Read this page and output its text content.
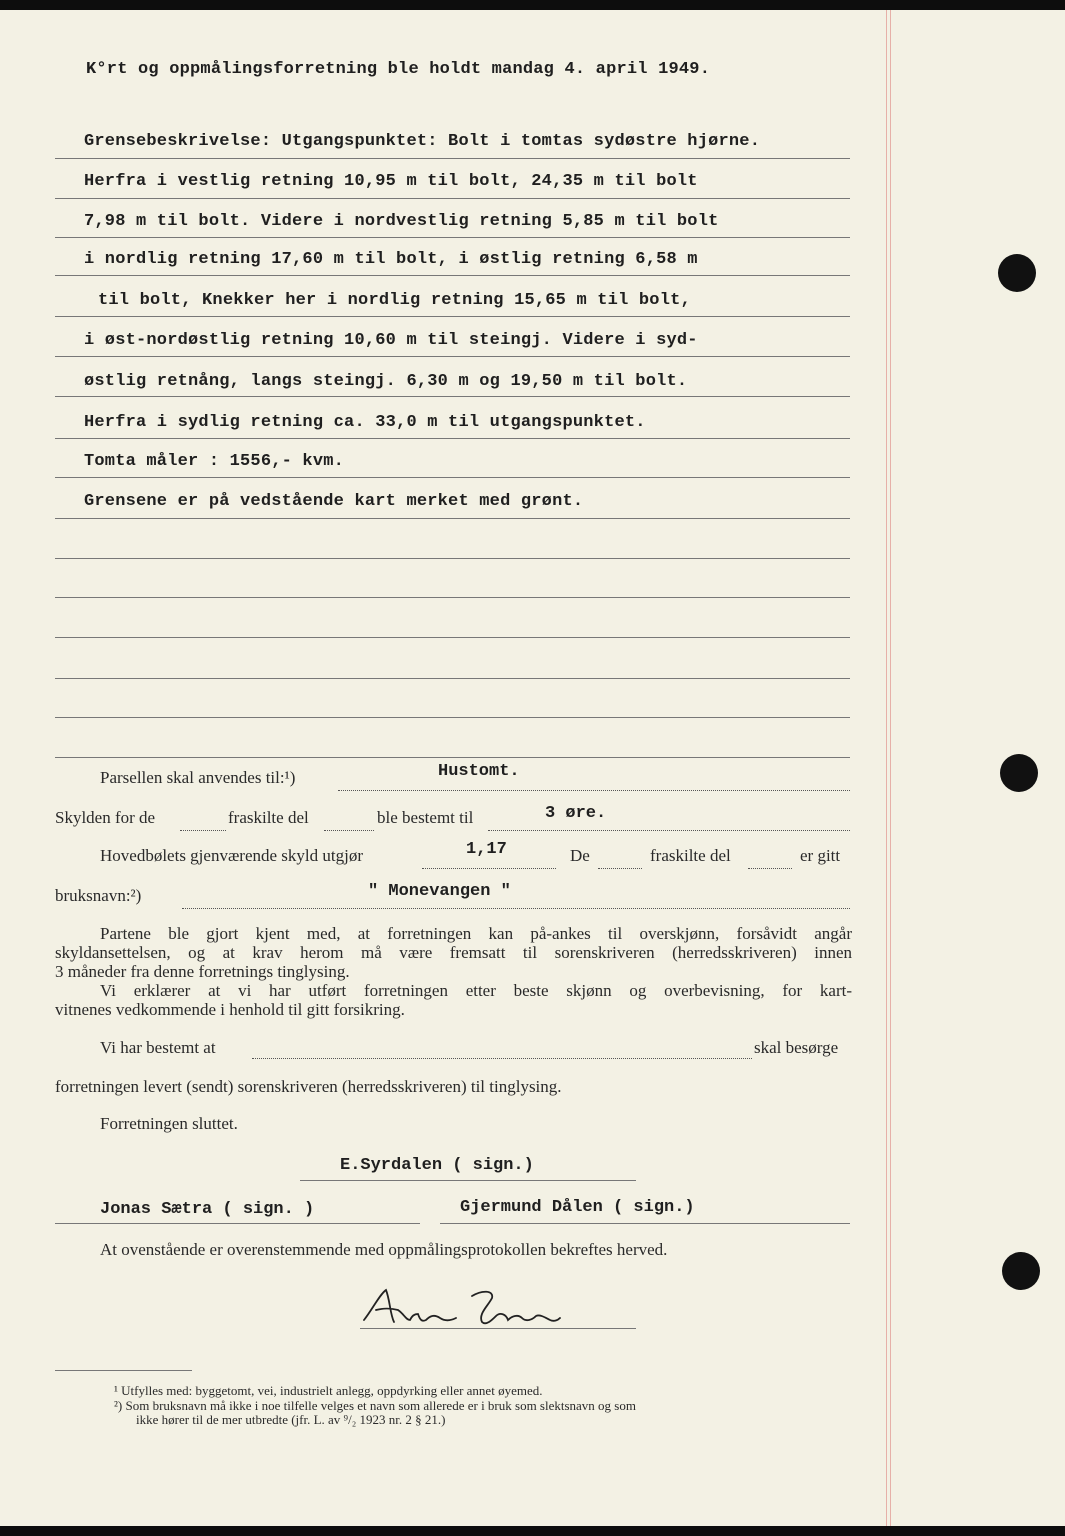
K°rt og oppmålingsforretning ble holdt mandag 4. april 1949.
Grensebeskrivelse: Utgangspunktet: Bolt i tomtas sydøstre hjørne.
Herfra i vestlig retning 10,95 m til bolt, 24,35 m til bolt
7,98 m til bolt. Videre i nordvestlig retning 5,85 m til bolt
i nordlig retning 17,60 m til bolt, i østlig retning 6,58 m
til bolt, Knekker her i nordlig retning 15,65 m til bolt,
i øst-nordøstlig retning 10,60 m til steingj. Videre i syd-
østlig retnång, langs steingj. 6,30 m og 19,50 m til bolt.
Herfra i sydlig retning ca. 33,0 m til utgangspunktet.
Tomta måler : 1556,- kvm.
Grensene er på vedstående kart merket med grønt.
Parsellen skal anvendes til:¹)	Hustomt.
Skylden for de	fraskilte del	ble bestemt til	3 øre.
Hovedbølets gjenværende skyld utgjør	1,17	De	fraskilte del	er gitt
bruksnavn:²)	" Monevangen "
Partene ble gjort kjent med, at forretningen kan på-ankes til overskjønn, forsåvidt angår
skyldansettelsen, og at krav herom må være fremsatt til sorenskriveren (herredsskriveren) innen
3 måneder fra denne forretnings tinglysing.
Vi erklærer at vi har utført forretningen etter beste skjønn og overbevisning, for kart-
vitnenes vedkommende i henhold til gitt forsikring.
Vi har bestemt at	skal besørge
forretningen levert (sendt) sorenskriveren (herredsskriveren) til tinglysing.
Forretningen sluttet.
E.Syrdalen ( sign.)
Jonas Sætra ( sign. )	Gjermund Dålen ( sign.)
At ovenstående er overenstemmende med oppmålingsprotokollen bekreftes herved.
¹ Utfylles med: byggetomt, vei, industrielt anlegg, oppdyrking eller annet øyemed.
²) Som bruksnavn må ikke i noe tilfelle velges et navn som allerede er i bruk som slektsnavn og som
ikke hører til de mer utbredte (jfr. L. av ⁹/₂ 1923 nr. 2 § 21.)
